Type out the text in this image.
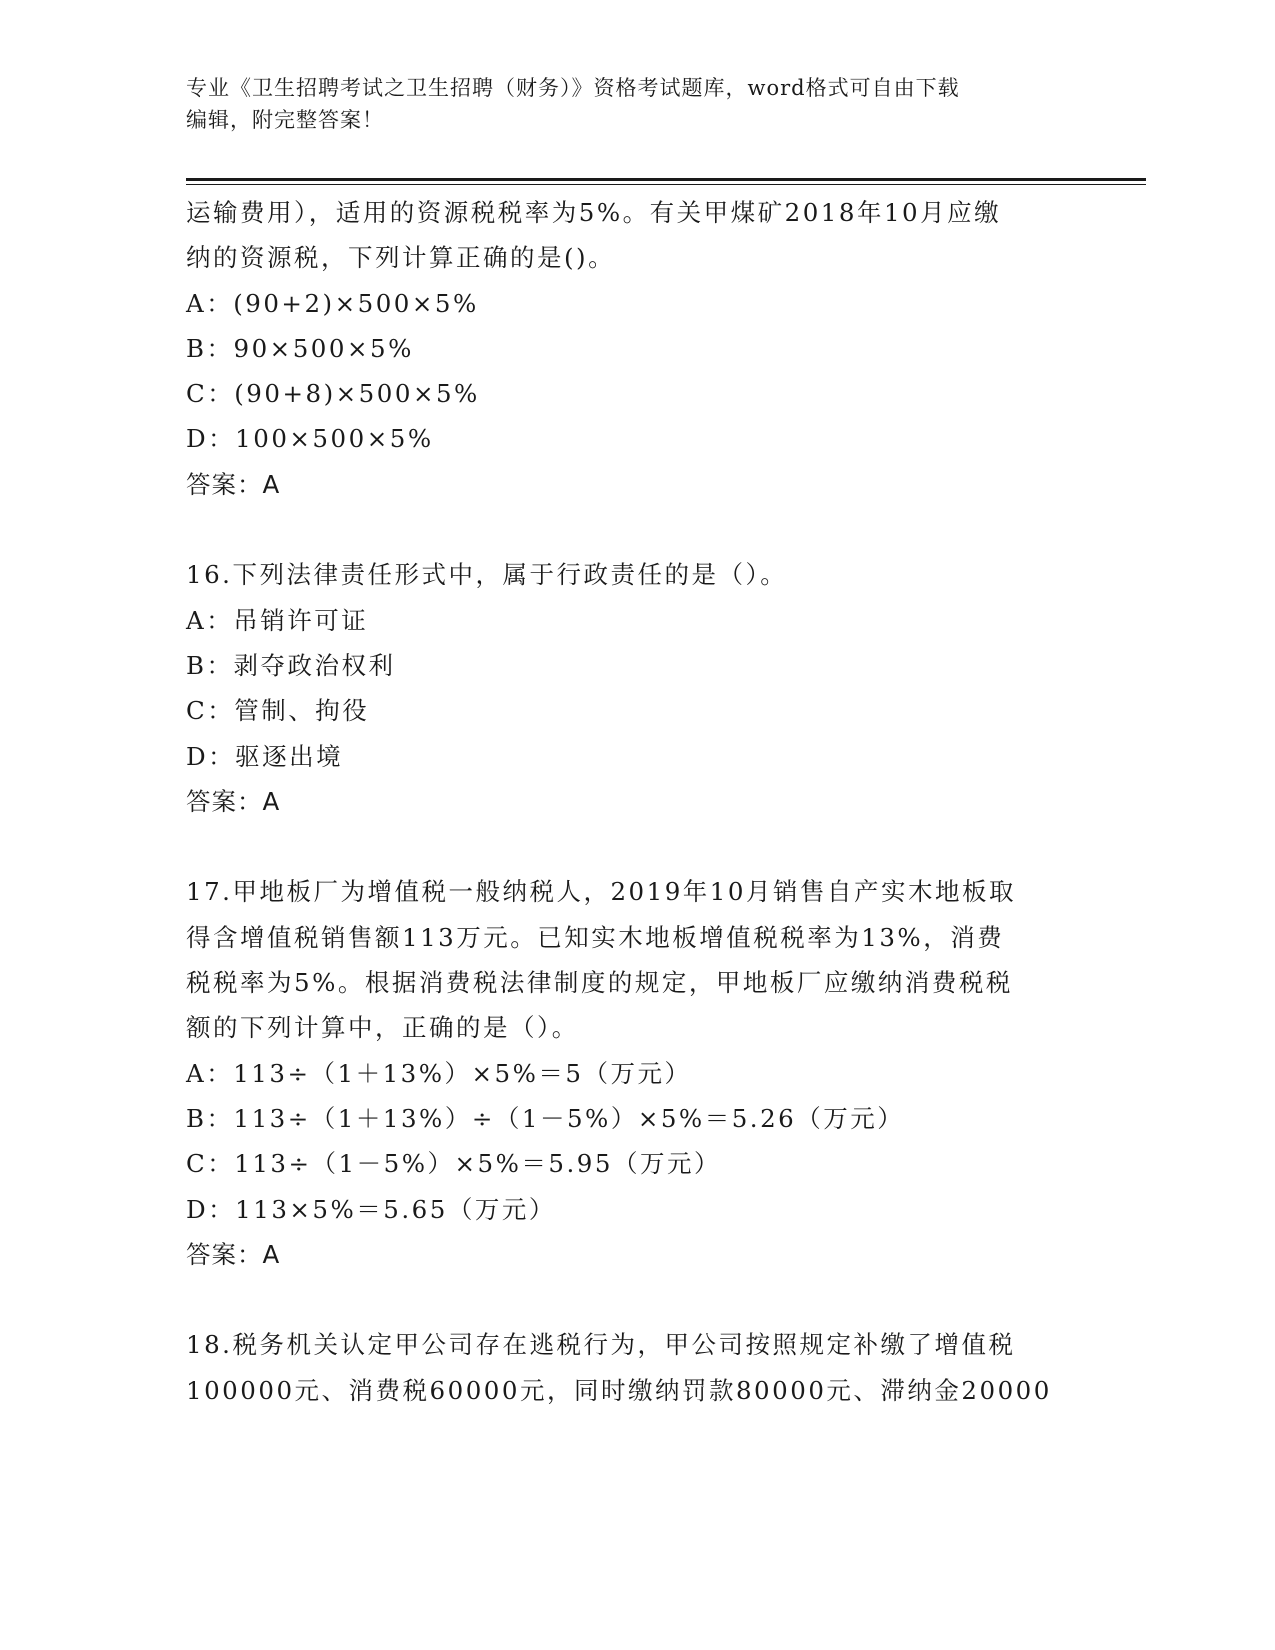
专业《卫生招聘考试之卫生招聘（财务）》资格考试题库，word格式可自由下载
编辑，附完整答案！
运输费用），适用的资源税税率为5%。有关甲煤矿2018年10月应缴
纳的资源税，下列计算正确的是()。
A：(90+2)×500×5%
B：90×500×5%
C：(90+8)×500×5%
D：100×500×5%
答案：A
16.下列法律责任形式中，属于行政责任的是（）。
A：吊销许可证
B：剥夺政治权利
C：管制、拘役
D：驱逐出境
答案：A
17.甲地板厂为增值税一般纳税人，2019年10月销售自产实木地板取
得含增值税销售额113万元。已知实木地板增值税税率为13%，消费
税税率为5%。根据消费税法律制度的规定，甲地板厂应缴纳消费税税
额的下列计算中，正确的是（）。
A：113÷（1＋13%）×5%＝5（万元）
B：113÷（1＋13%）÷（1－5%）×5%＝5.26（万元）
C：113÷（1－5%）×5%＝5.95（万元）
D：113×5%＝5.65（万元）
答案：A
18.税务机关认定甲公司存在逃税行为，甲公司按照规定补缴了增值税
100000元、消费税60000元，同时缴纳罚款80000元、滞纳金20000
